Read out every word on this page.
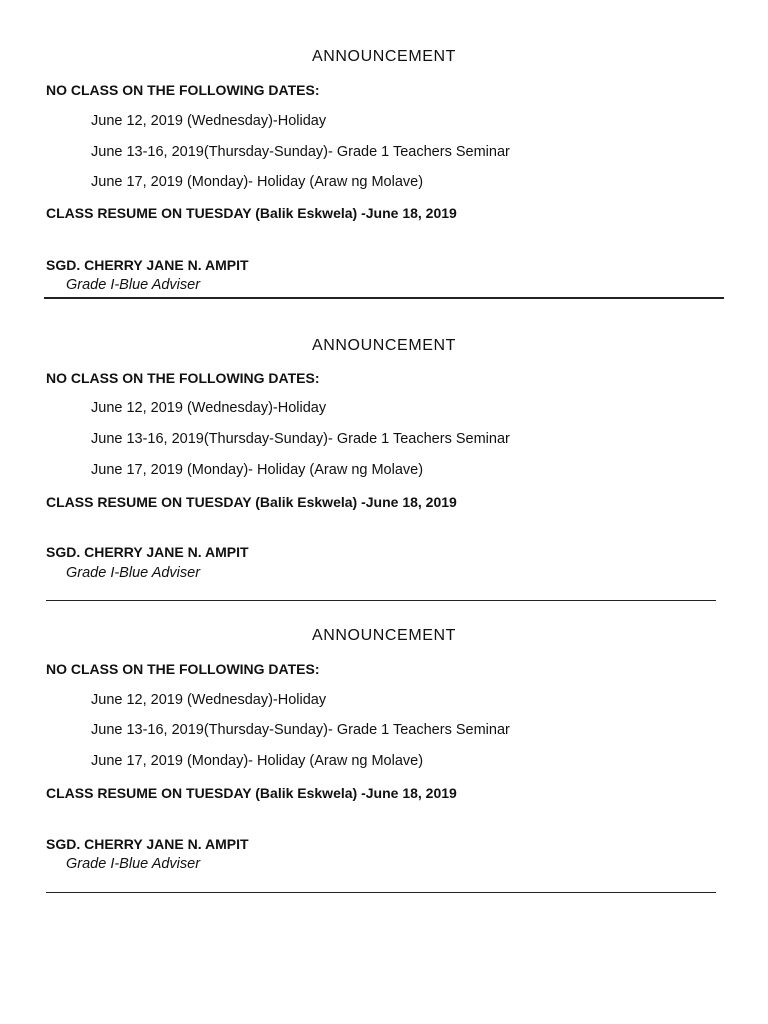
ANNOUNCEMENT
NO CLASS ON THE FOLLOWING DATES:
June 12, 2019 (Wednesday)-Holiday
June 13-16, 2019(Thursday-Sunday)- Grade 1 Teachers Seminar
June 17, 2019 (Monday)- Holiday (Araw ng Molave)
CLASS RESUME ON TUESDAY (Balik Eskwela) -June 18, 2019
SGD. CHERRY JANE N. AMPIT
Grade I-Blue Adviser
ANNOUNCEMENT
NO CLASS ON THE FOLLOWING DATES:
June 12, 2019 (Wednesday)-Holiday
June 13-16, 2019(Thursday-Sunday)- Grade 1 Teachers Seminar
June 17, 2019 (Monday)- Holiday (Araw ng Molave)
CLASS RESUME ON TUESDAY (Balik Eskwela) -June 18, 2019
SGD. CHERRY JANE N. AMPIT
Grade I-Blue Adviser
ANNOUNCEMENT
NO CLASS ON THE FOLLOWING DATES:
June 12, 2019 (Wednesday)-Holiday
June 13-16, 2019(Thursday-Sunday)- Grade 1 Teachers Seminar
June 17, 2019 (Monday)- Holiday (Araw ng Molave)
CLASS RESUME ON TUESDAY (Balik Eskwela) -June 18, 2019
SGD. CHERRY JANE N. AMPIT
Grade I-Blue Adviser
